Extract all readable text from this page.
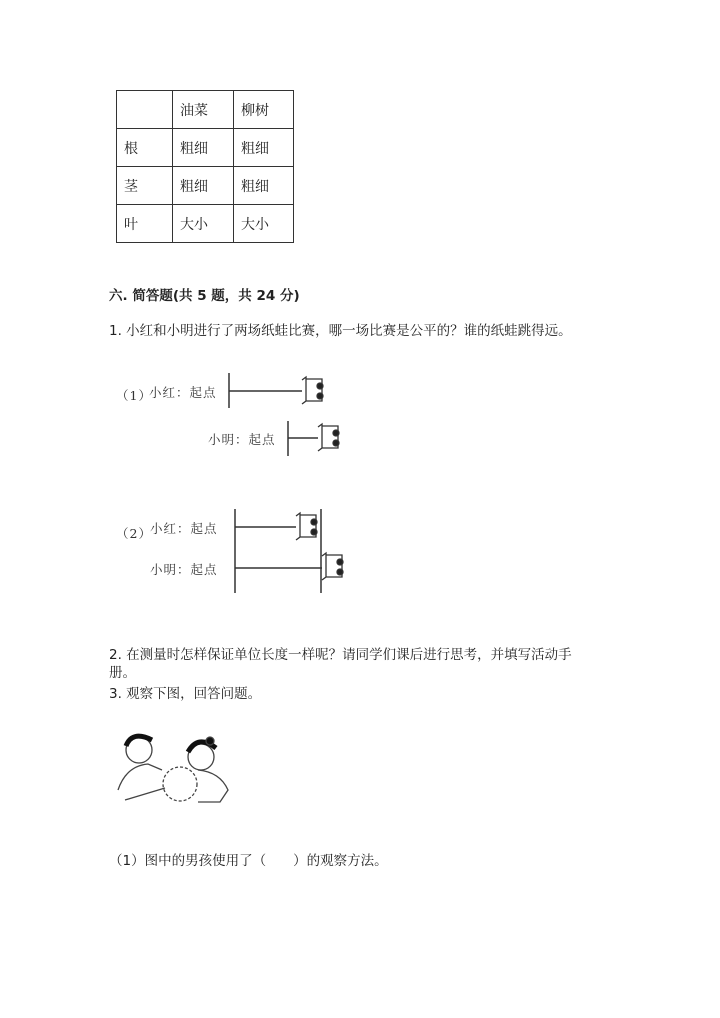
	油菜	柳树
根	粗细	粗细
茎	粗细	粗细
叶	大小	大小
六. 简答题(共 5 题，共 24 分)
1. 小红和小明进行了两场纸蛙比赛，哪一场比赛是公平的？谁的纸蛙跳得远。
（1）
小红：起点
小明：起点
（2）
小红：起点
小明：起点
2. 在测量时怎样保证单位长度一样呢？请同学们课后进行思考，并填写活动手
册。
3. 观察下图，回答问题。
（1）图中的男孩使用了（　　）的观察方法。
